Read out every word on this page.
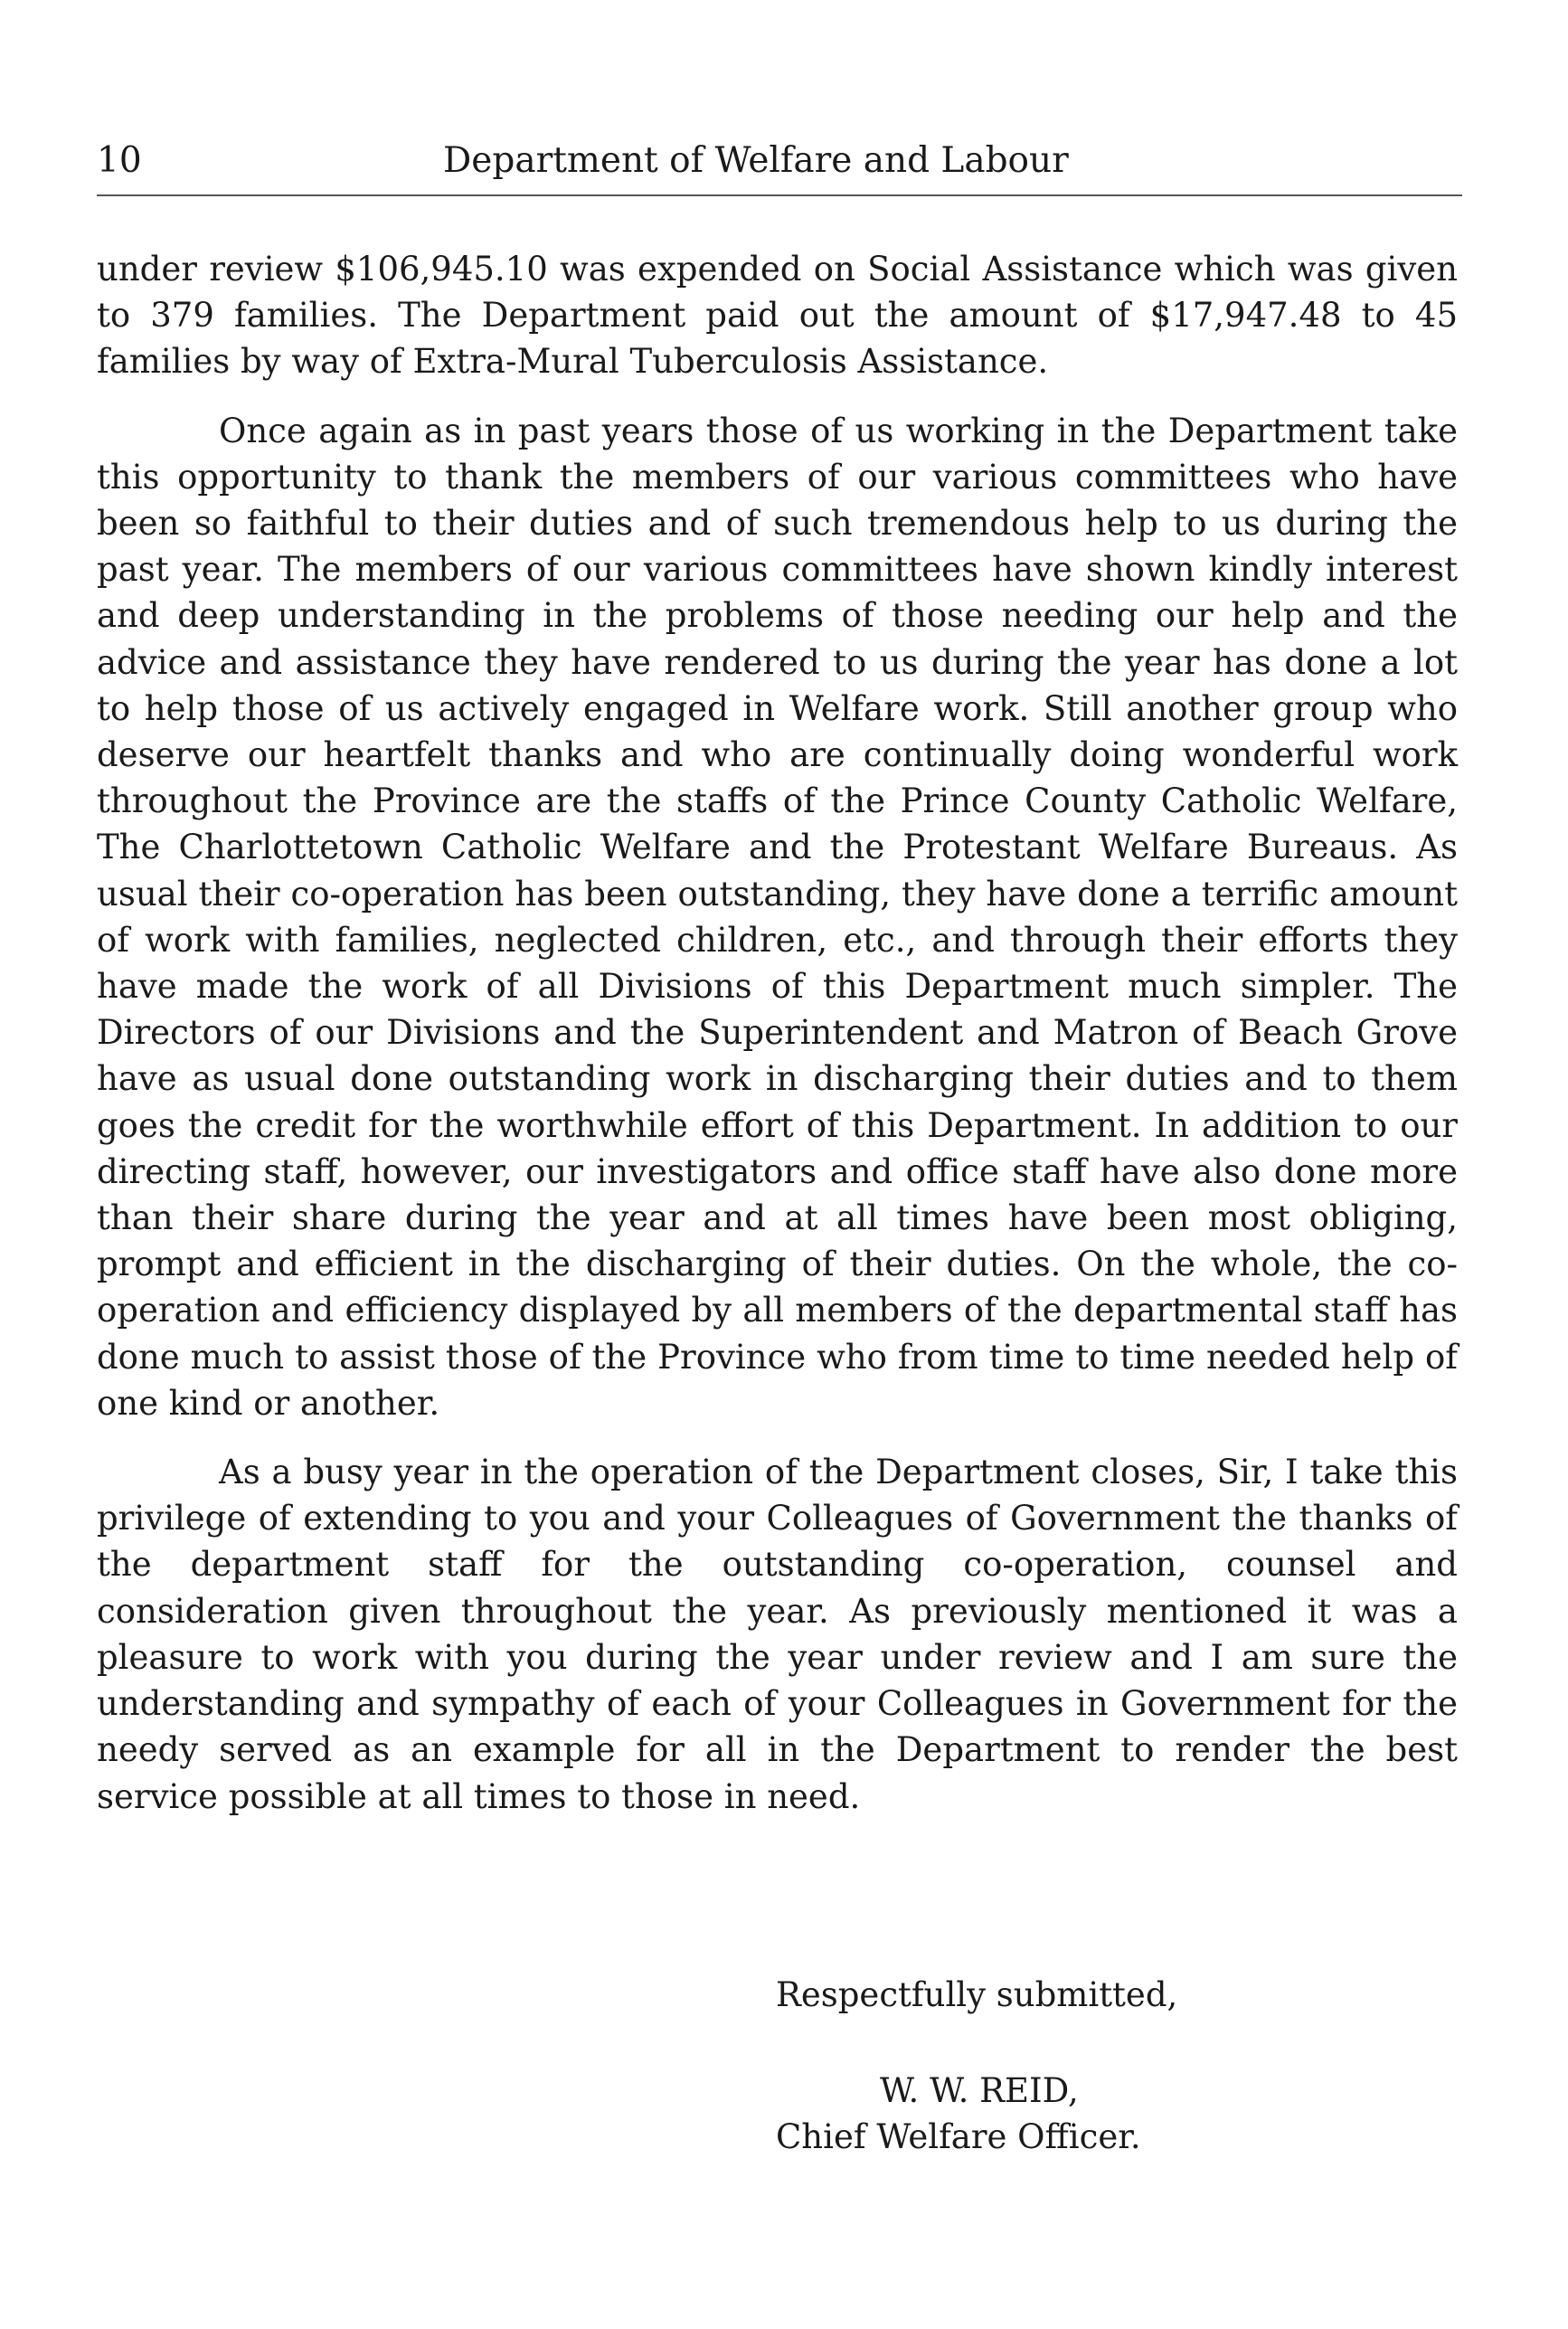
10	Department of Welfare and Labour

under review $106,945.10 was expended on Social Assistance which was given to 379 families. The Department paid out the amount of $17,947.48 to 45 families by way of Extra-Mural Tuberculosis Assistance.

Once again as in past years those of us working in the Department take this opportunity to thank the members of our various committees who have been so faithful to their duties and of such tremendous help to us during the past year. The members of our various committees have shown kindly interest and deep understanding in the problems of those needing our help and the advice and assistance they have rendered to us during the year has done a lot to help those of us actively engaged in Welfare work. Still another group who deserve our heartfelt thanks and who are continually doing wonderful work throughout the Province are the staffs of the Prince County Catholic Welfare, The Charlottetown Catholic Welfare and the Protestant Welfare Bureaus. As usual their co-operation has been outstanding, they have done a terrific amount of work with families, neglected children, etc., and through their efforts they have made the work of all Divisions of this Department much simpler. The Directors of our Divisions and the Superintendent and Matron of Beach Grove have as usual done outstanding work in discharging their duties and to them goes the credit for the worthwhile effort of this Department. In addition to our directing staff, however, our investigators and office staff have also done more than their share during the year and at all times have been most obliging, prompt and efficient in the discharging of their duties. On the whole, the co-operation and efficiency displayed by all members of the departmental staff has done much to assist those of the Province who from time to time needed help of one kind or another.

As a busy year in the operation of the Department closes, Sir, I take this privilege of extending to you and your Colleagues of Government the thanks of the department staff for the outstanding co-operation, counsel and consideration given throughout the year. As previously mentioned it was a pleasure to work with you during the year under review and I am sure the understanding and sympathy of each of your Colleagues in Government for the needy served as an example for all in the Department to render the best service possible at all times to those in need.

Respectfully submitted,

W. W. REID,

Chief Welfare Officer.
